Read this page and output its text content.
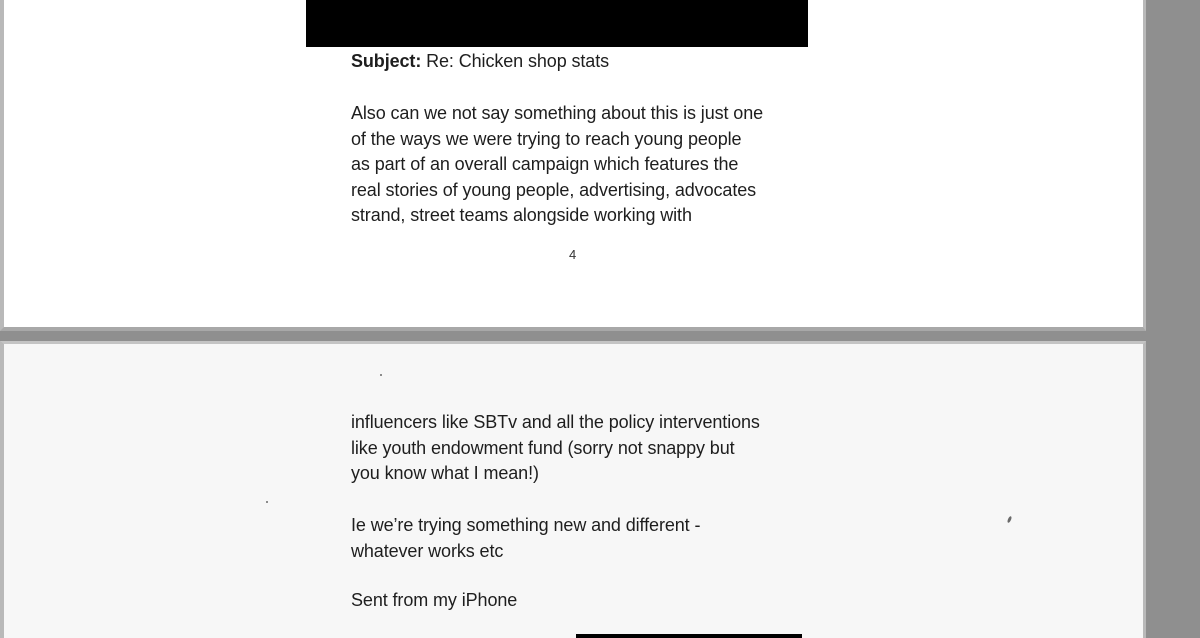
Subject: Re: Chicken shop stats

Also can we not say something about this is just one
of the ways we were trying to reach young people
as part of an overall campaign which features the
real stories of young people, advertising, advocates
strand, street teams alongside working with
4
influencers like SBTv and all the policy interventions
like youth endowment fund (sorry not snappy but
you know what I mean!)
Ie we’re trying something new and different -
whatever works etc
Sent from my iPhone
